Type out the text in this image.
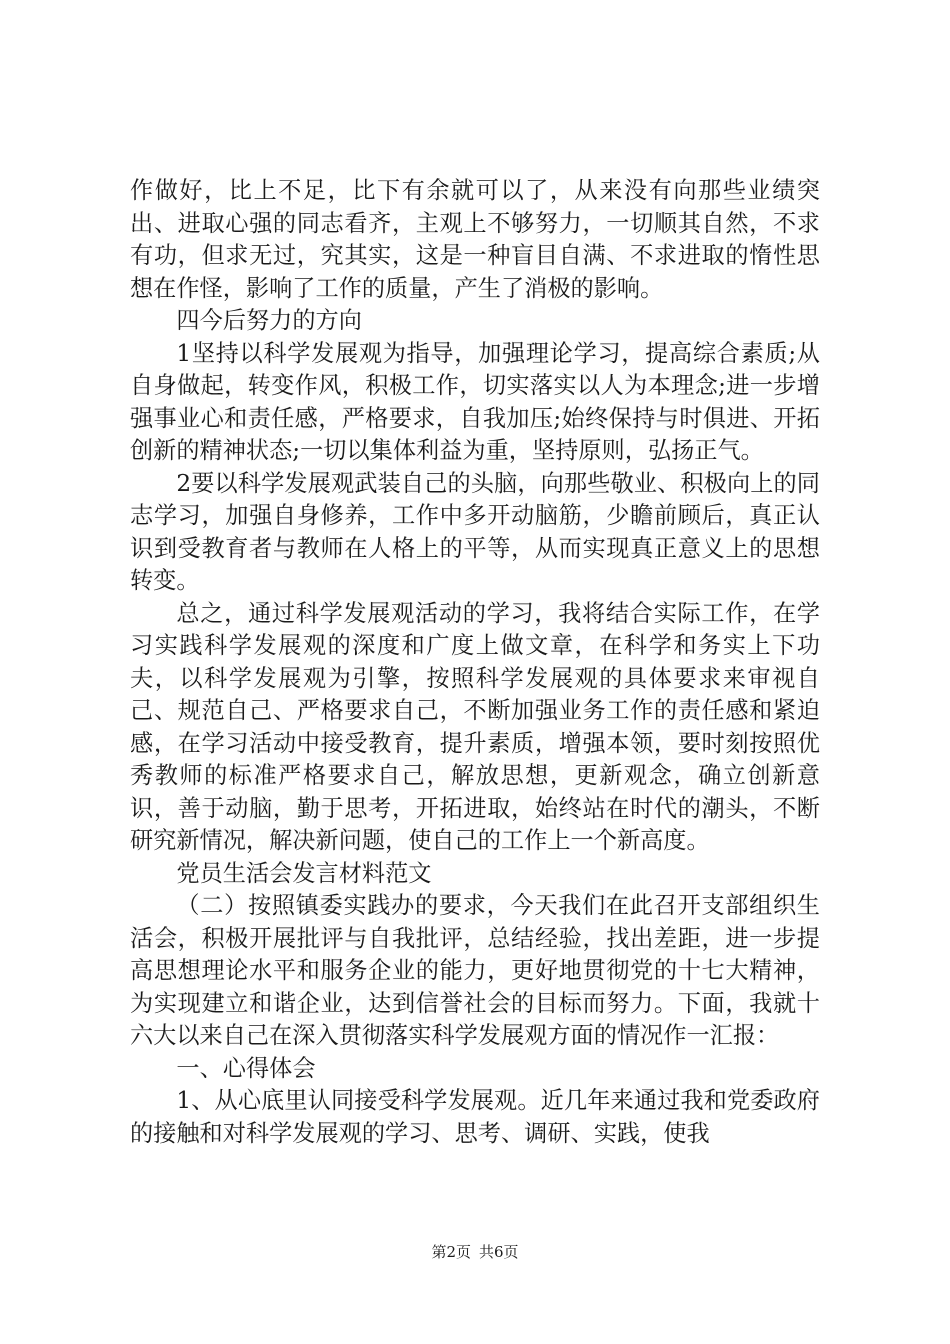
作做好，比上不足，比下有余就可以了，从来没有向那些业绩突出、进取心强的同志看齐，主观上不够努力，一切顺其自然，不求有功，但求无过，究其实，这是一种盲目自满、不求进取的惰性思想在作怪，影响了工作的质量，产生了消极的影响。

四今后努力的方向

1坚持以科学发展观为指导，加强理论学习，提高综合素质;从自身做起，转变作风，积极工作，切实落实以人为本理念;进一步增强事业心和责任感，严格要求，自我加压;始终保持与时俱进、开拓创新的精神状态;一切以集体利益为重，坚持原则，弘扬正气。

2要以科学发展观武装自己的头脑，向那些敬业、积极向上的同志学习，加强自身修养，工作中多开动脑筋，少瞻前顾后，真正认识到受教育者与教师在人格上的平等，从而实现真正意义上的思想转变。

总之，通过科学发展观活动的学习，我将结合实际工作，在学习实践科学发展观的深度和广度上做文章，在科学和务实上下功夫，以科学发展观为引擎，按照科学发展观的具体要求来审视自己、规范自己、严格要求自己，不断加强业务工作的责任感和紧迫感，在学习活动中接受教育，提升素质，增强本领，要时刻按照优秀教师的标准严格要求自己，解放思想，更新观念，确立创新意识，善于动脑，勤于思考，开拓进取，始终站在时代的潮头，不断研究新情况，解决新问题，使自己的工作上一个新高度。

党员生活会发言材料范文

（二）按照镇委实践办的要求，今天我们在此召开支部组织生活会，积极开展批评与自我批评，总结经验，找出差距，进一步提高思想理论水平和服务企业的能力，更好地贯彻党的十七大精神，为实现建立和谐企业，达到信誉社会的目标而努力。下面，我就十六大以来自己在深入贯彻落实科学发展观方面的情况作一汇报：

一、心得体会

1、从心底里认同接受科学发展观。近几年来通过我和党委政府的接触和对科学发展观的学习、思考、调研、实践，使我

第2页 共6页
